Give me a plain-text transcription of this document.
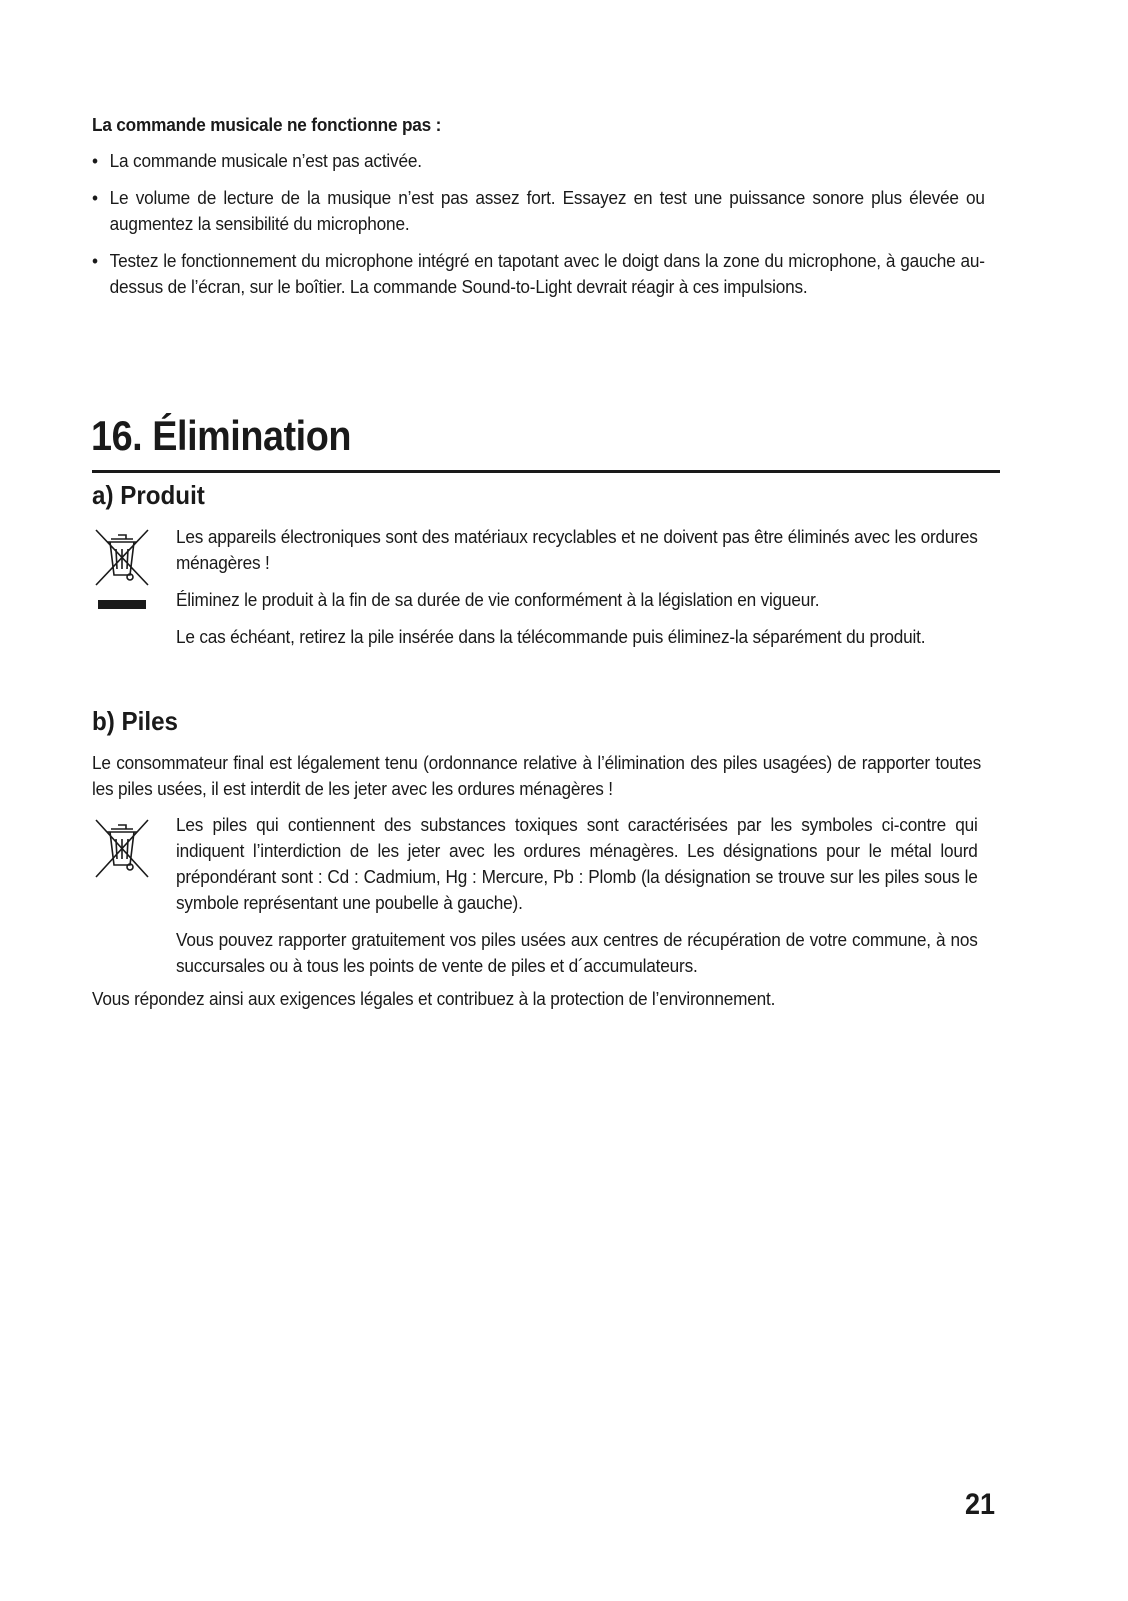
La commande musicale ne fonctionne pas :

• La commande musicale n’est pas activée.

• Le volume de lecture de la musique n’est pas assez fort. Essayez en test une puissance sonore plus élevée ou augmentez la sensibilité du microphone.

• Testez le fonctionnement du microphone intégré en tapotant avec le doigt dans la zone du microphone, à gauche au-dessus de l’écran, sur le boîtier. La commande Sound-to-Light devrait réagir à ces impulsions.

16. Élimination
a) Produit

Les appareils électroniques sont des matériaux recyclables et ne doivent pas être éliminés avec les ordures ménagères !

Éliminez le produit à la fin de sa durée de vie conformément à la législation en vigueur.

Le cas échéant, retirez la pile insérée dans la télécommande puis éliminez-la séparément du produit.

b) Piles

Le consommateur final est légalement tenu (ordonnance relative à l’élimination des piles usagées) de rapporter toutes les piles usées, il est interdit de les jeter avec les ordures ménagères !

Les piles qui contiennent des substances toxiques sont caractérisées par les symboles ci-contre qui indiquent l’interdiction de les jeter avec les ordures ménagères. Les désignations pour le métal lourd prépondérant sont : Cd : Cadmium, Hg : Mercure, Pb : Plomb (la désignation se trouve sur les piles sous le symbole représentant une poubelle à gauche).

Vous pouvez rapporter gratuitement vos piles usées aux centres de récupération de votre commune, à nos succursales ou à tous les points de vente de piles et d´accumulateurs.

Vous répondez ainsi aux exigences légales et contribuez à la protection de l’environnement.

21
